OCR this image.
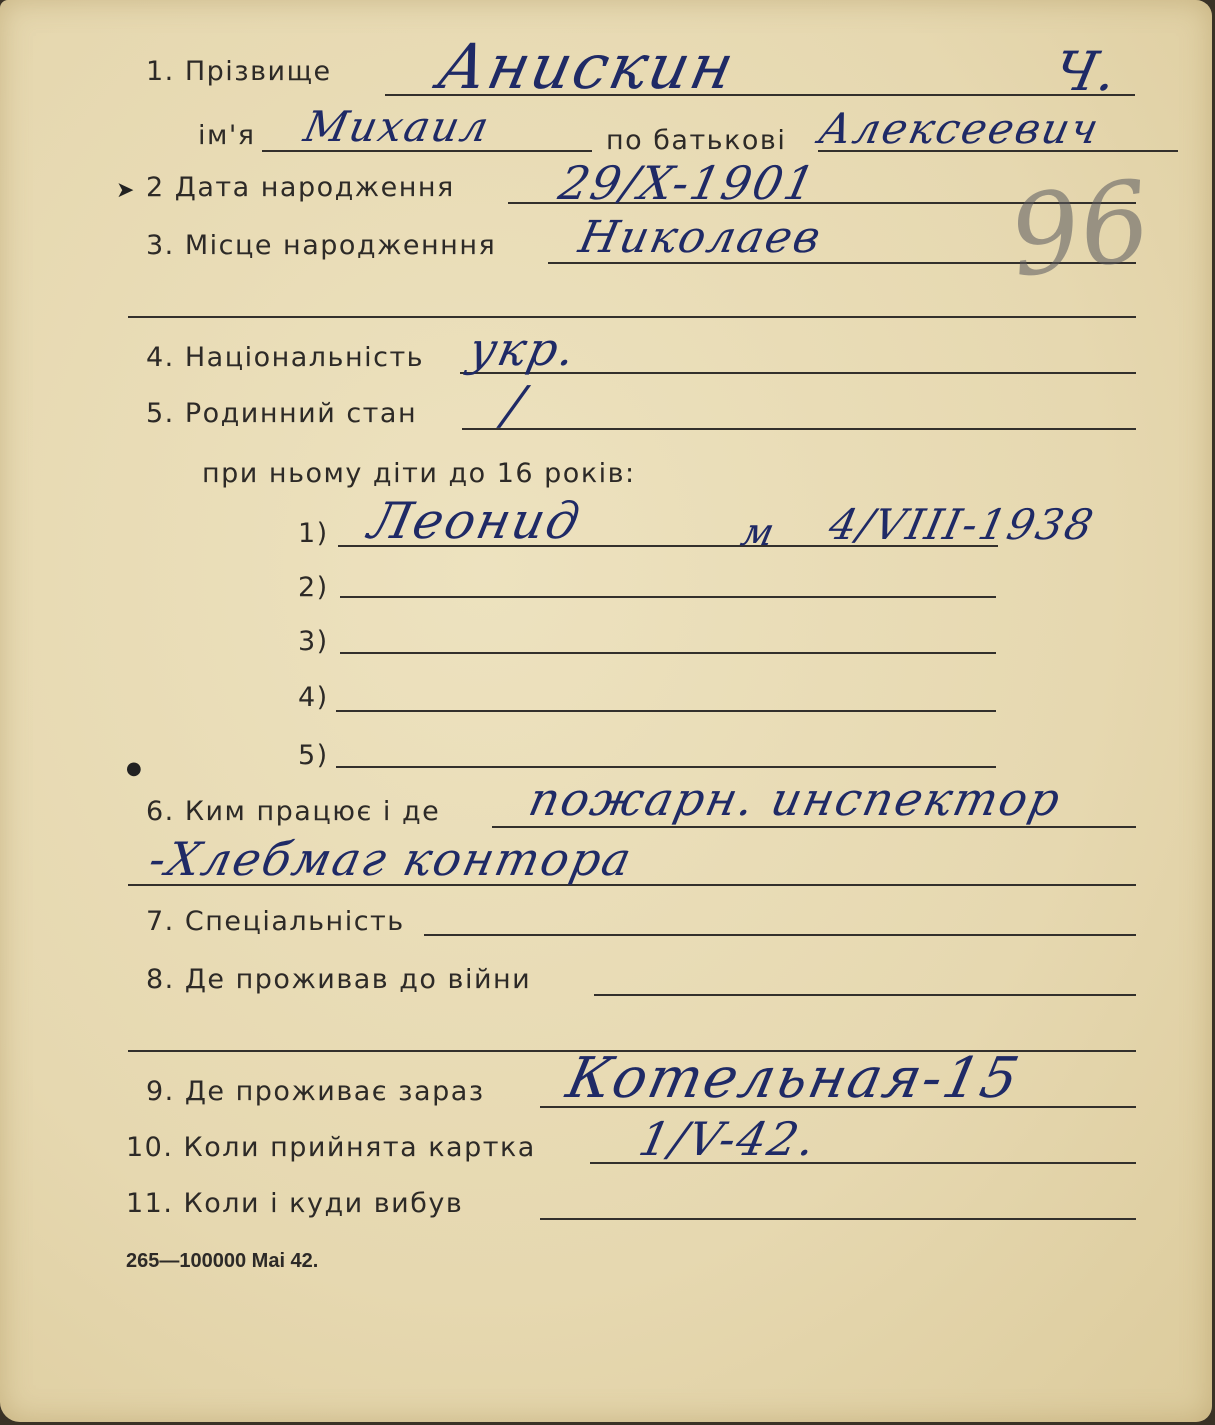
1. Прізвище Анискин	Ч.
ім'я Михаил	по батькові Алексеевич
➤ 2 Дата народження 29/X-1901
3. Місце народженння Николаев 96
4. Національність укр.
5. Родинний стан /
при ньому діти до 16 років:
1) Леонид	м 4/VIII-1938
2)
3)
4)
5)
●
6. Ким працює і де пожарн. инспектор
-Хлебмаг контора
7. Спеціальність
8. Де проживав до війни
9. Де проживає зараз Котельная-15
10. Коли прийнята картка 1/V-42.
11. Коли і куди вибув
265—100000 Mai 42.
